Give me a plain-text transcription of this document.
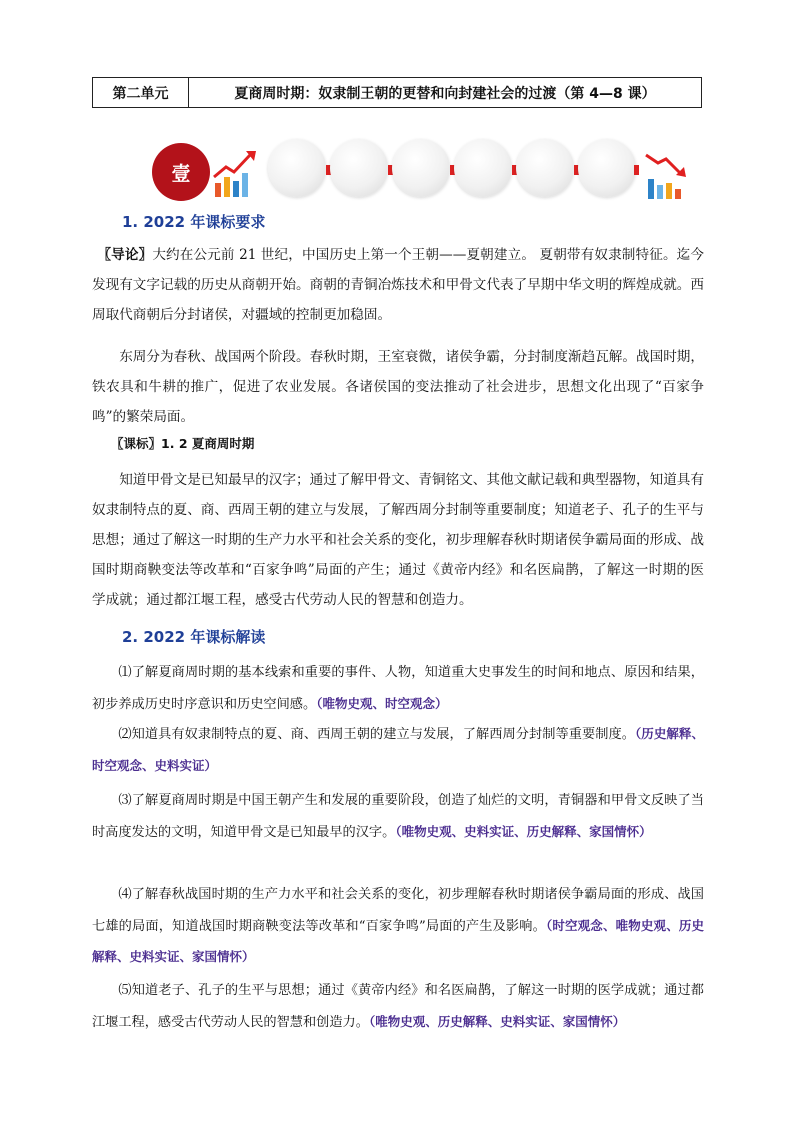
第二单元	夏商周时期：奴隶制王朝的更替和向封建社会的过渡（第 4—8 课）
壹
1. 2022 年课标要求
〖导论〗大约在公元前 21 世纪，中国历史上第一个王朝——夏朝建立。 夏朝带有奴隶制特征。迄今发现有文字记载的历史从商朝开始。商朝的青铜冶炼技术和甲骨文代表了早期中华文明的辉煌成就。西周取代商朝后分封诸侯，对疆域的控制更加稳固。
东周分为春秋、战国两个阶段。春秋时期，王室衰微，诸侯争霸，分封制度渐趋瓦解。战国时期，铁农具和牛耕的推广，促进了农业发展。各诸侯国的变法推动了社会进步，思想文化出现了“百家争鸣”的繁荣局面。
〖课标〗1. 2 夏商周时期
知道甲骨文是已知最早的汉字；通过了解甲骨文、青铜铭文、其他文献记载和典型器物，知道具有奴隶制特点的夏、商、西周王朝的建立与发展，了解西周分封制等重要制度；知道老子、孔子的生平与思想；通过了解这一时期的生产力水平和社会关系的变化，初步理解春秋时期诸侯争霸局面的形成、战国时期商鞅变法等改革和“百家争鸣”局面的产生；通过《黄帝内经》和名医扁鹊，了解这一时期的医学成就；通过都江堰工程，感受古代劳动人民的智慧和创造力。
2. 2022 年课标解读
⑴了解夏商周时期的基本线索和重要的事件、人物，知道重大史事发生的时间和地点、原因和结果，初步养成历史时序意识和历史空间感。（唯物史观、时空观念）
⑵知道具有奴隶制特点的夏、商、西周王朝的建立与发展，了解西周分封制等重要制度。（历史解释、时空观念、史料实证）
⑶了解夏商周时期是中国王朝产生和发展的重要阶段，创造了灿烂的文明，青铜器和甲骨文反映了当时高度发达的文明，知道甲骨文是已知最早的汉字。（唯物史观、史料实证、历史解释、家国情怀）
⑷了解春秋战国时期的生产力水平和社会关系的变化，初步理解春秋时期诸侯争霸局面的形成、战国七雄的局面，知道战国时期商鞅变法等改革和“百家争鸣”局面的产生及影响。（时空观念、唯物史观、历史解释、史料实证、家国情怀）
⑸知道老子、孔子的生平与思想；通过《黄帝内经》和名医扁鹊，了解这一时期的医学成就；通过都江堰工程，感受古代劳动人民的智慧和创造力。（唯物史观、历史解释、史料实证、家国情怀）
